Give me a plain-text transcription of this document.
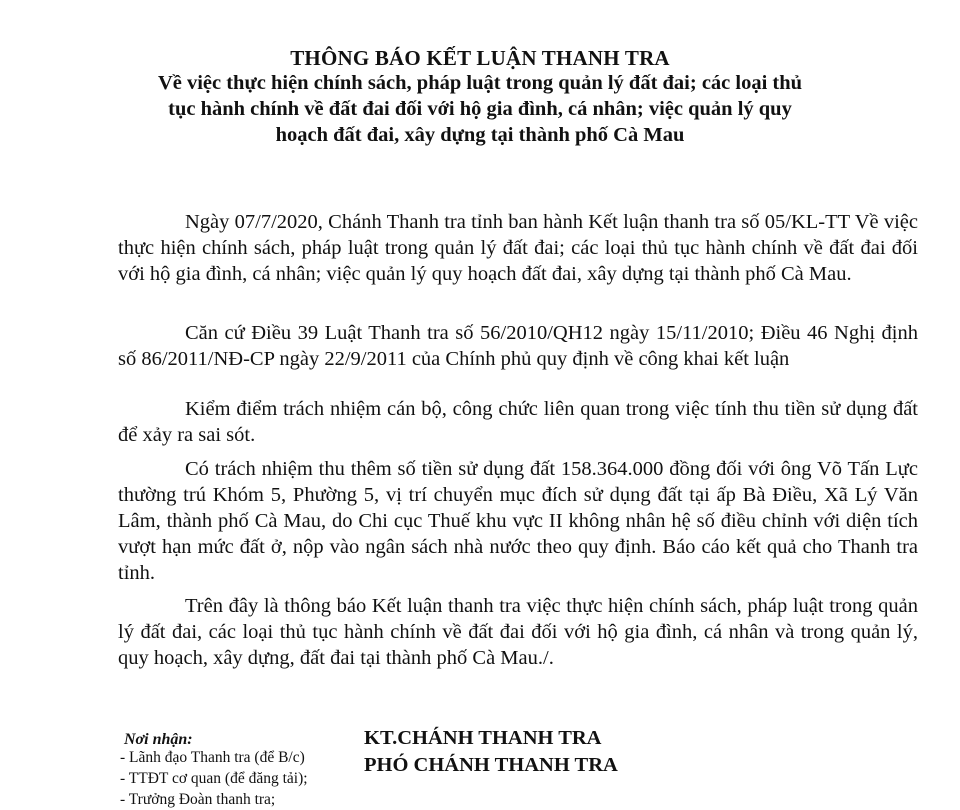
THÔNG BÁO KẾT LUẬN THANH TRA
Về việc thực hiện chính sách, pháp luật trong quản lý đất đai; các loại thủ tục hành chính về đất đai đối với hộ gia đình, cá nhân; việc quản lý quy hoạch đất đai, xây dựng tại thành phố Cà Mau

Ngày 07/7/2020, Chánh Thanh tra tỉnh ban hành Kết luận thanh tra số 05/KL-TT Về việc thực hiện chính sách, pháp luật trong quản lý đất đai; các loại thủ tục hành chính về đất đai đối với hộ gia đình, cá nhân; việc quản lý quy hoạch đất đai, xây dựng tại thành phố Cà Mau.

Căn cứ Điều 39 Luật Thanh tra số 56/2010/QH12 ngày 15/11/2010; Điều 46 Nghị định số 86/2011/NĐ-CP ngày 22/9/2011 của Chính phủ quy định về công khai kết luận

Kiểm điểm trách nhiệm cán bộ, công chức liên quan trong việc tính thu tiền sử dụng đất để xảy ra sai sót.

Có trách nhiệm thu thêm số tiền sử dụng đất 158.364.000 đồng đối với ông Võ Tấn Lực thường trú Khóm 5, Phường 5, vị trí chuyển mục đích sử dụng đất tại ấp Bà Điều, Xã Lý Văn Lâm, thành phố Cà Mau, do Chi cục Thuế khu vực II không nhân hệ số điều chỉnh với diện tích vượt hạn mức đất ở, nộp vào ngân sách nhà nước theo quy định. Báo cáo kết quả cho Thanh tra tỉnh.

Trên đây là thông báo Kết luận thanh tra việc thực hiện chính sách, pháp luật trong quản lý đất đai, các loại thủ tục hành chính về đất đai đối với hộ gia đình, cá nhân và trong quản lý, quy hoạch, xây dựng, đất đai tại thành phố Cà Mau./.

Nơi nhận:

- Lãnh đạo Thanh tra (để B/c)
- TTĐT cơ quan (để đăng tải);
- Trưởng Đoàn thanh tra;

KT.CHÁNH THANH TRA

PHÓ CHÁNH THANH TRA
